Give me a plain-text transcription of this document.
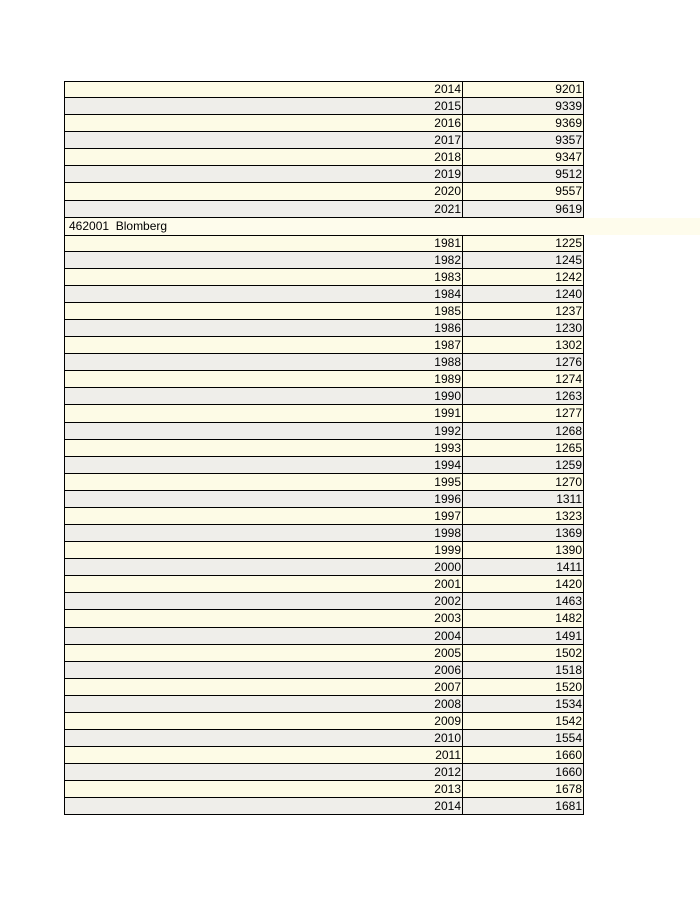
2014	9201
2015	9339
2016	9369
2017	9357
2018	9347
2019	9512
2020	9557
2021	9619
462001 Blomberg
1981	1225
1982	1245
1983	1242
1984	1240
1985	1237
1986	1230
1987	1302
1988	1276
1989	1274
1990	1263
1991	1277
1992	1268
1993	1265
1994	1259
1995	1270
1996	1311
1997	1323
1998	1369
1999	1390
2000	1411
2001	1420
2002	1463
2003	1482
2004	1491
2005	1502
2006	1518
2007	1520
2008	1534
2009	1542
2010	1554
2011	1660
2012	1660
2013	1678
2014	1681
